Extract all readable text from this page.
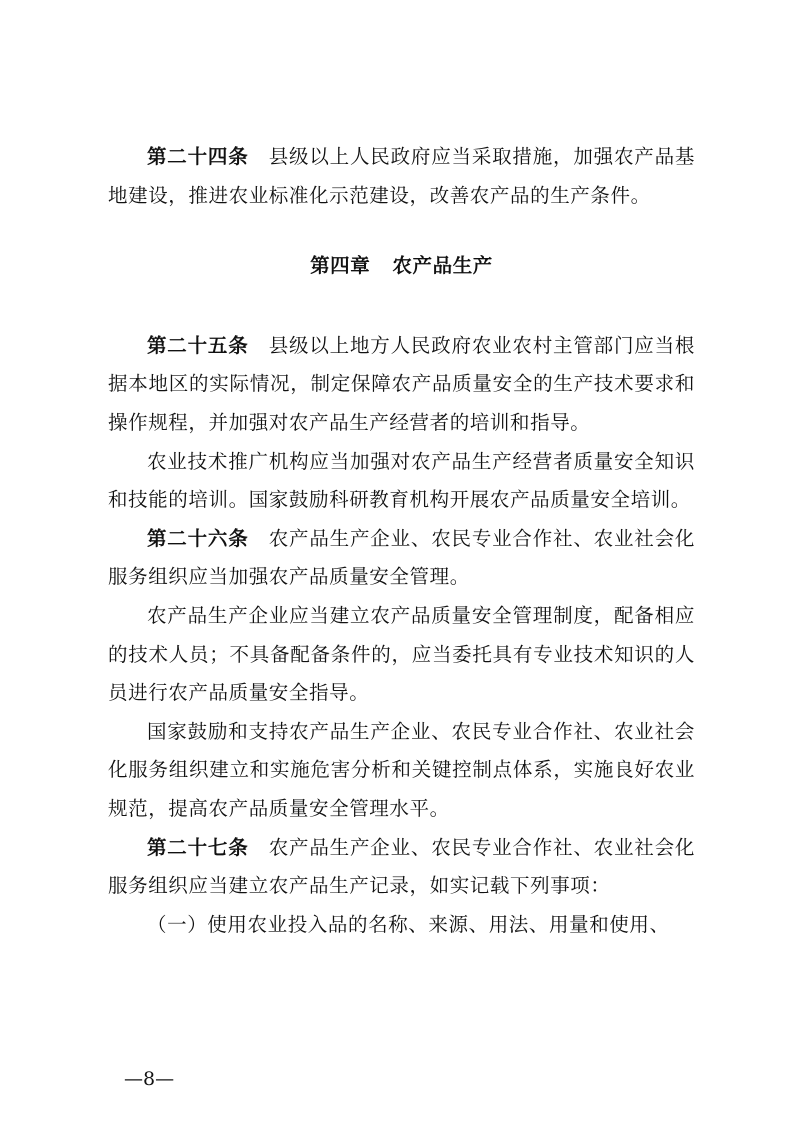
第二十四条 县级以上人民政府应当采取措施，加强农产品基地建设，推进农业标准化示范建设，改善农产品的生产条件。

第四章 农产品生产

第二十五条 县级以上地方人民政府农业农村主管部门应当根据本地区的实际情况，制定保障农产品质量安全的生产技术要求和操作规程，并加强对农产品生产经营者的培训和指导。

农业技术推广机构应当加强对农产品生产经营者质量安全知识和技能的培训。国家鼓励科研教育机构开展农产品质量安全培训。

第二十六条 农产品生产企业、农民专业合作社、农业社会化服务组织应当加强农产品质量安全管理。

农产品生产企业应当建立农产品质量安全管理制度，配备相应的技术人员；不具备配备条件的，应当委托具有专业技术知识的人员进行农产品质量安全指导。

国家鼓励和支持农产品生产企业、农民专业合作社、农业社会化服务组织建立和实施危害分析和关键控制点体系，实施良好农业规范，提高农产品质量安全管理水平。

第二十七条 农产品生产企业、农民专业合作社、农业社会化服务组织应当建立农产品生产记录，如实记载下列事项：

（一）使用农业投入品的名称、来源、用法、用量和使用、

—8—
